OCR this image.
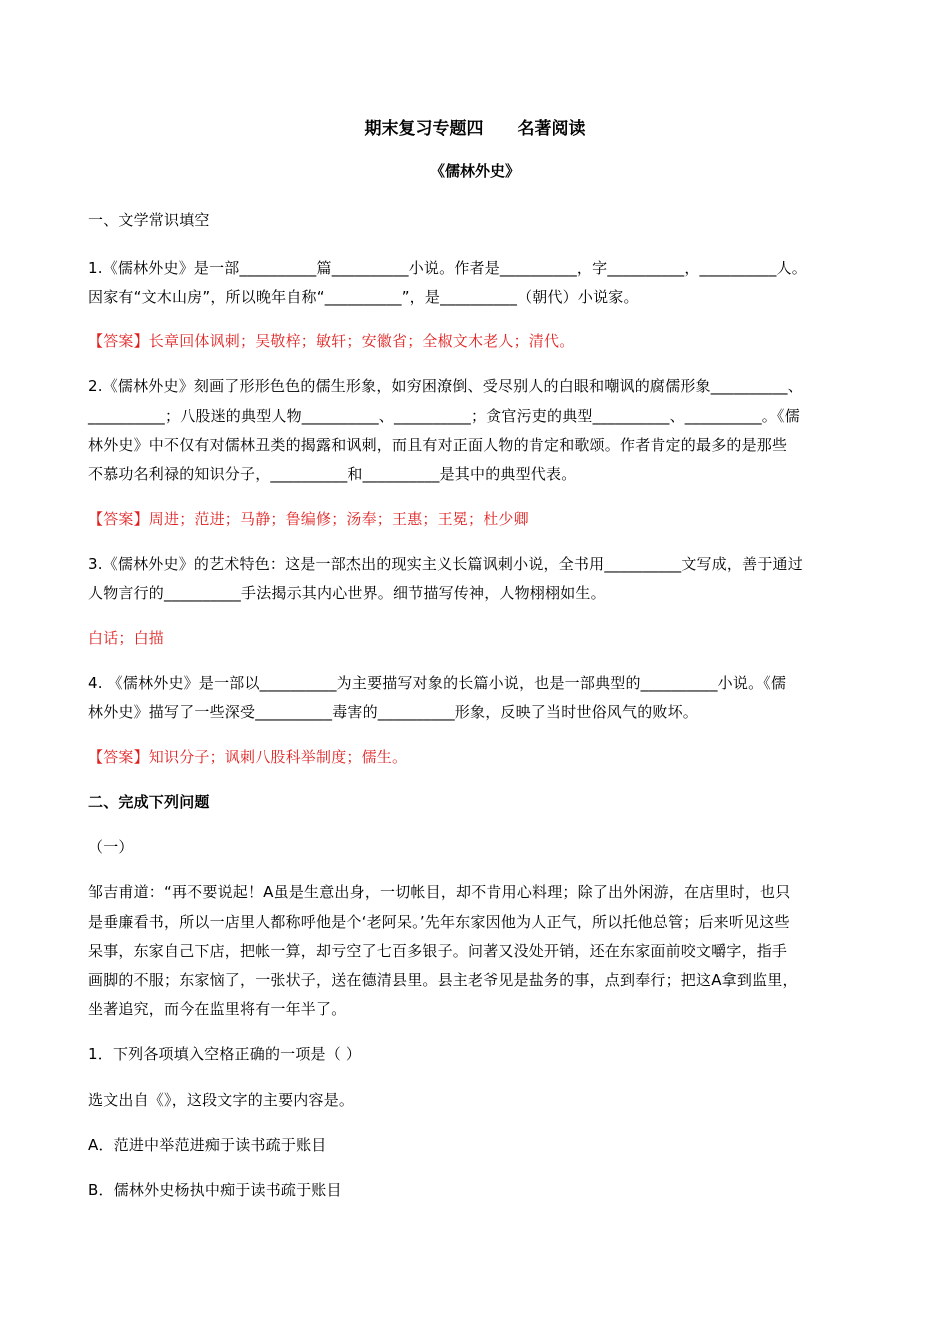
期末复习专题四　　名著阅读
《儒林外史》
一、文学常识填空
1.《儒林外史》是一部__________篇__________小说。作者是__________，字__________，__________人。
因家有“文木山房”，所以晚年自称“__________”，是__________（朝代）小说家。
【答案】长章回体讽刺；吴敬梓；敏轩；安徽省；全椒文木老人；清代。
2.《儒林外史》刻画了形形色色的儒生形象，如穷困潦倒、受尽别人的白眼和嘲讽的腐儒形象__________、
__________；八股迷的典型人物__________、__________；贪官污吏的典型__________、__________。《儒
林外史》中不仅有对儒林丑类的揭露和讽刺，而且有对正面人物的肯定和歌颂。作者肯定的最多的是那些
不慕功名利禄的知识分子，__________和__________是其中的典型代表。
【答案】周进；范进；马静；鲁编修；汤奉；王惠；王冕；杜少卿
3.《儒林外史》的艺术特色：这是一部杰出的现实主义长篇讽刺小说，全书用__________文写成，善于通过
人物言行的__________手法揭示其内心世界。细节描写传神，人物栩栩如生。
白话；白描
4. 《儒林外史》是一部以__________为主要描写对象的长篇小说，也是一部典型的__________小说。《儒
林外史》描写了一些深受__________毒害的__________形象，反映了当时世俗风气的败坏。
【答案】知识分子；讽刺八股科举制度；儒生。
二、完成下列问题
（一）
邹吉甫道：“再不要说起！A虽是生意出身，一切帐目，却不肯用心料理；除了出外闲游，在店里时，也只
是垂廉看书，所以一店里人都称呼他是个‘老阿呆。’先年东家因他为人正气，所以托他总管；后来听见这些
呆事，东家自己下店，把帐一算，却亏空了七百多银子。问著又没处开销，还在东家面前咬文嚼字，指手
画脚的不服；东家恼了，一张状子，送在德清县里。县主老爷见是盐务的事，点到奉行；把这A拿到监里，
坐著追究，而今在监里将有一年半了。
1．下列各项填入空格正确的一项是（ ）
选文出自《》，这段文字的主要内容是。
A．范进中举范进痴于读书疏于账目
B．儒林外史杨执中痴于读书疏于账目
